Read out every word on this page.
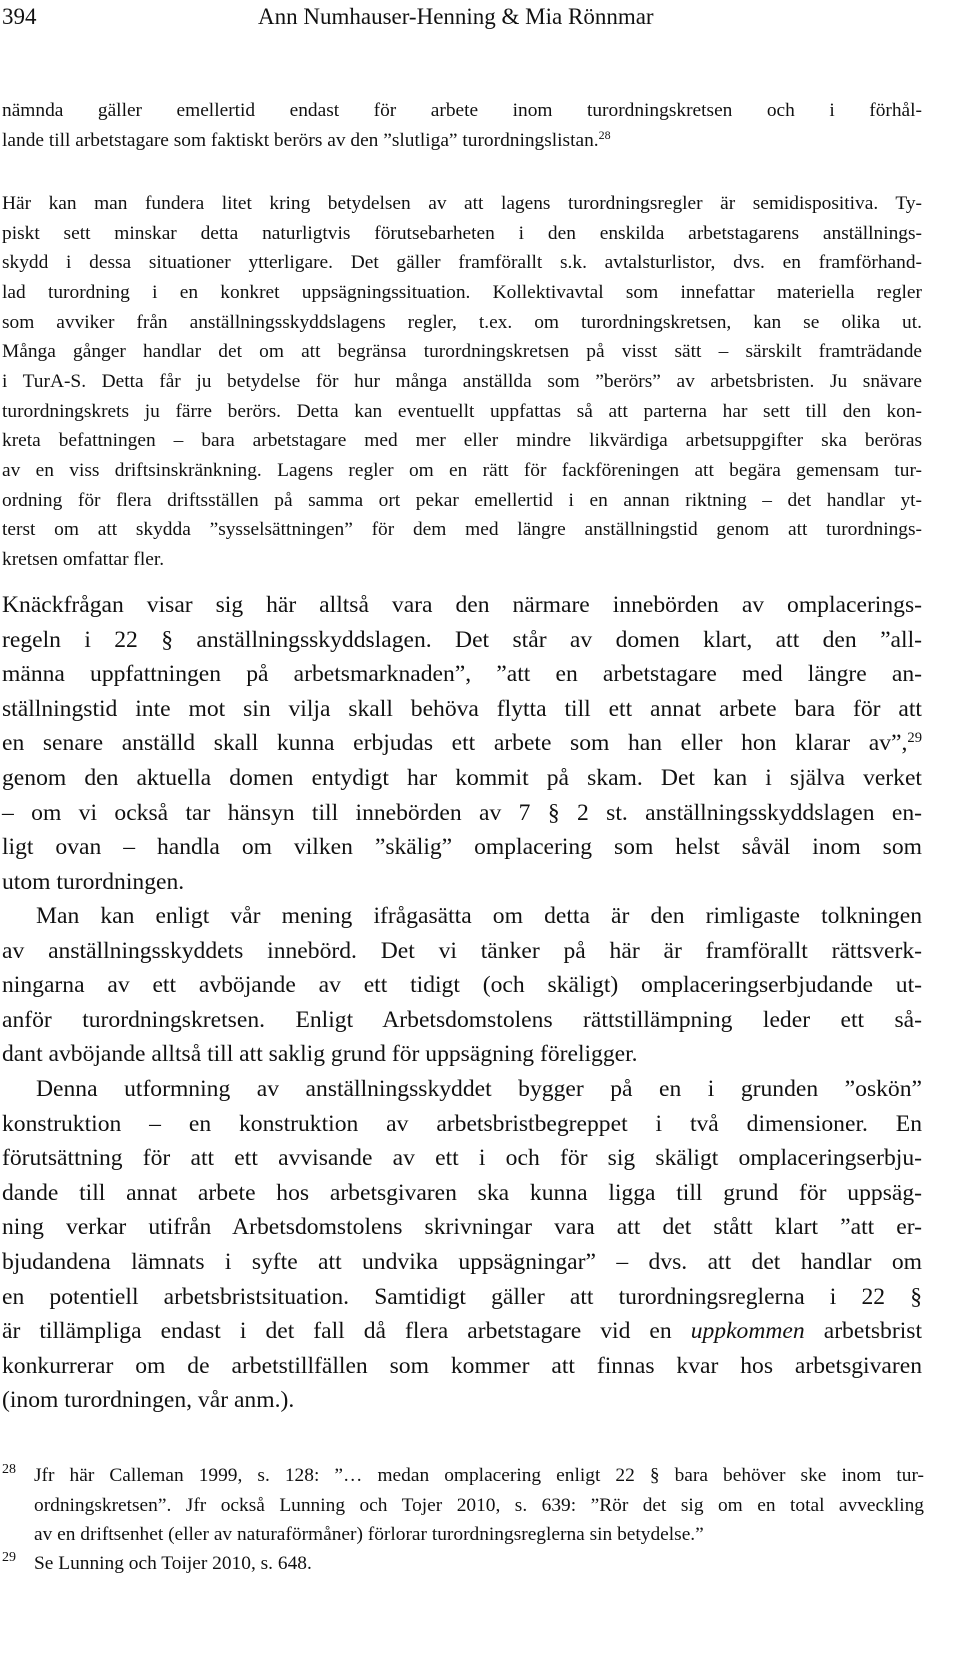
394	Ann Numhauser-Henning & Mia Rönnmar
nämnda gäller emellertid endast för arbete inom turordningskretsen och i förhål-
lande till arbetstagare som faktiskt berörs av den ”slutliga” turordningslistan.$^{28}$
Här kan man fundera litet kring betydelsen av att lagens turordningsregler är semidispositiva. Ty-
piskt sett minskar detta naturligtvis förutsebarheten i den enskilda arbetstagarens anställnings-
skydd i dessa situationer ytterligare. Det gäller framförallt s.k. avtalsturlistor, dvs. en framförhand-
lad turordning i en konkret uppsägningssituation. Kollektivavtal som innefattar materiella regler
som avviker från anställningsskyddslagens regler, t.ex. om turordningskretsen, kan se olika ut.
Många gånger handlar det om att begränsa turordningskretsen på visst sätt – särskilt framträdande
i TurA-S. Detta får ju betydelse för hur många anställda som ”berörs” av arbetsbristen. Ju snävare
turordningskrets ju färre berörs. Detta kan eventuellt uppfattas så att parterna har sett till den kon-
kreta befattningen – bara arbetstagare med mer eller mindre likvärdiga arbetsuppgifter ska beröras
av en viss driftsinskränkning. Lagens regler om en rätt för fackföreningen att begära gemensam tur-
ordning för flera driftsställen på samma ort pekar emellertid i en annan riktning – det handlar yt-
terst om att skydda ”sysselsättningen” för dem med längre anställningstid genom att turordnings-
kretsen omfattar fler.
Knäckfrågan visar sig här alltså vara den närmare innebörden av omplacerings-
regeln i 22 § anställningsskyddslagen. Det står av domen klart, att den ”all-
männa uppfattningen på arbetsmarknaden”, ”att en arbetstagare med längre an-
ställningstid inte mot sin vilja skall behöva flytta till ett annat arbete bara för att
en senare anställd skall kunna erbjudas ett arbete som han eller hon klarar av”,$^{29}$
genom den aktuella domen entydigt har kommit på skam. Det kan i själva verket
– om vi också tar hänsyn till innebörden av 7 § 2 st. anställningsskyddslagen en-
ligt ovan – handla om vilken ”skälig” omplacering som helst såväl inom som
utom turordningen.
Man kan enligt vår mening ifrågasätta om detta är den rimligaste tolkningen
av anställningsskyddets innebörd. Det vi tänker på här är framförallt rättsverk-
ningarna av ett avböjande av ett tidigt (och skäligt) omplaceringserbjudande ut-
anför turordningskretsen. Enligt Arbetsdomstolens rättstillämpning leder ett så-
dant avböjande alltså till att saklig grund för uppsägning föreligger.
Denna utformning av anställningsskyddet bygger på en i grunden ”oskön”
konstruktion – en konstruktion av arbetsbristbegreppet i två dimensioner. En
förutsättning för att ett avvisande av ett i och för sig skäligt omplaceringserbju-
dande till annat arbete hos arbetsgivaren ska kunna ligga till grund för uppsäg-
ning verkar utifrån Arbetsdomstolens skrivningar vara att det stått klart ”att er-
bjudandena lämnats i syfte att undvika uppsägningar” – dvs. att det handlar om
en potentiell arbetsbristsituation. Samtidigt gäller att turordningsreglerna i 22 §
är tillämpliga endast i det fall då flera arbetstagare vid en uppkommen arbetsbrist
konkurrerar om de arbetstillfällen som kommer att finnas kvar hos arbetsgivaren
(inom turordningen, vår anm.).
28 Jfr här Calleman 1999, s. 128: ”… medan omplacering enligt 22 § bara behöver ske inom tur-
ordningskretsen”. Jfr också Lunning och Tojer 2010, s. 639: ”Rör det sig om en total avveckling
av en driftsenhet (eller av naturaförmåner) förlorar turordningsreglerna sin betydelse.”
29 Se Lunning och Toijer 2010, s. 648.
